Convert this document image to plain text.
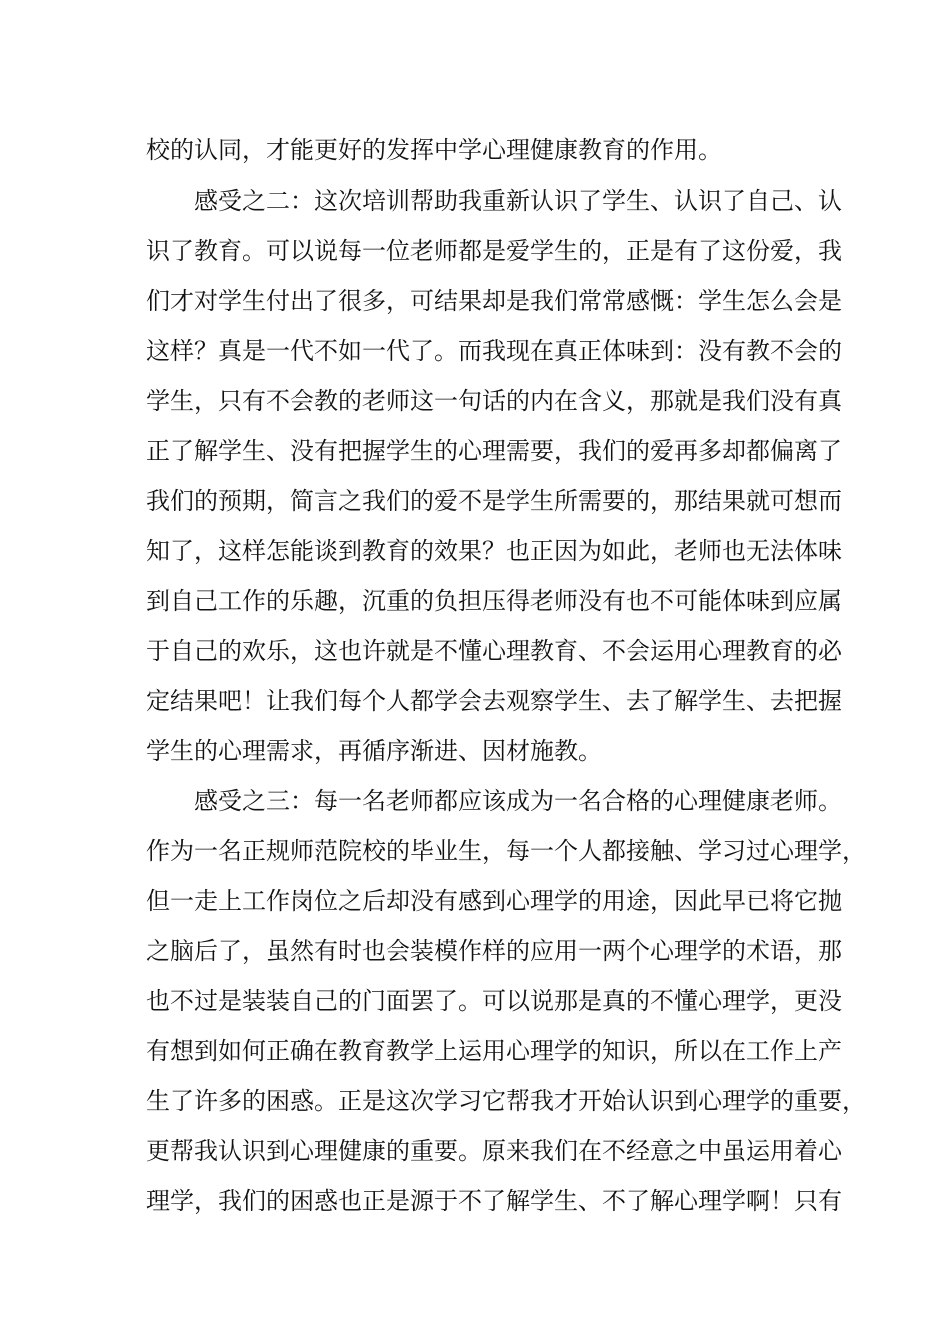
校的认同，才能更好的发挥中学心理健康教育的作用。
感受之二：这次培训帮助我重新认识了学生、认识了自己、认
识了教育。可以说每一位老师都是爱学生的，正是有了这份爱，我
们才对学生付出了很多，可结果却是我们常常感慨：学生怎么会是
这样？真是一代不如一代了。而我现在真正体味到：没有教不会的
学生，只有不会教的老师这一句话的内在含义，那就是我们没有真
正了解学生、没有把握学生的心理需要，我们的爱再多却都偏离了
我们的预期，简言之我们的爱不是学生所需要的，那结果就可想而
知了，这样怎能谈到教育的效果？也正因为如此，老师也无法体味
到自己工作的乐趣，沉重的负担压得老师没有也不可能体味到应属
于自己的欢乐，这也许就是不懂心理教育、不会运用心理教育的必
定结果吧！让我们每个人都学会去观察学生、去了解学生、去把握
学生的心理需求，再循序渐进、因材施教。
感受之三：每一名老师都应该成为一名合格的心理健康老师。
作为一名正规师范院校的毕业生，每一个人都接触、学习过心理学，
但一走上工作岗位之后却没有感到心理学的用途，因此早已将它抛
之脑后了，虽然有时也会装模作样的应用一两个心理学的术语，那
也不过是装装自己的门面罢了。可以说那是真的不懂心理学，更没
有想到如何正确在教育教学上运用心理学的知识，所以在工作上产
生了许多的困惑。正是这次学习它帮我才开始认识到心理学的重要，
更帮我认识到心理健康的重要。原来我们在不经意之中虽运用着心
理学，我们的困惑也正是源于不了解学生、不了解心理学啊！只有
